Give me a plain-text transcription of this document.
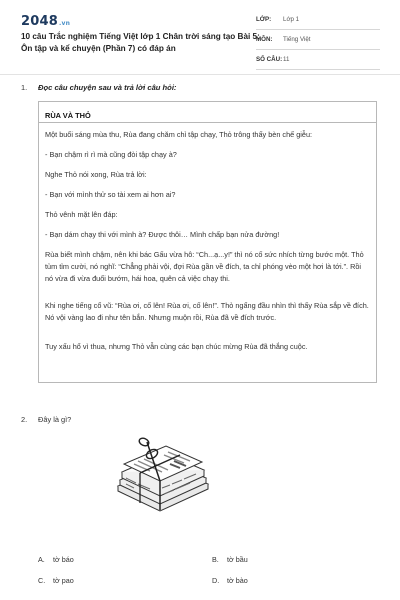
2048.vn
10 câu Trắc nghiệm Tiếng Việt lớp 1 Chân trời sáng tạo Bài 5: Ôn tập và kể chuyện (Phần 7) có đáp án
LỚP: Lớp 1
MÔN: Tiếng Việt
SỐ CÂU: 11
1. Đọc câu chuyện sau và trả lời câu hỏi:
RÙA VÀ THỎ
Một buổi sáng mùa thu, Rùa đang chăm chỉ tập chạy, Thỏ trông thấy bèn chế giễu:
- Bạn chậm rì rì mà cũng đòi tập chạy à?
Nghe Thỏ nói xong, Rùa trả lời:
- Bạn với mình thử so tài xem ai hơn ai?
Thỏ vênh mặt lên đáp:
- Bạn dám chạy thi với mình à? Được thôi… Mình chấp bạn nửa đường!
Rùa biết mình chậm, nên khi bác Gấu vừa hô: “Ch...ạ...y!” thì nó cố sức nhích từng bước một. Thỏ tủm tỉm cười, nó nghĩ: “Chẳng phải vội, đợi Rùa gần về đích, ta chỉ phóng vèo một hơi là tới.”. Rồi nó vừa đi vừa đuổi bướm, hái hoa, quên cả việc chạy thi.
Khi nghe tiếng cổ vũ: “Rùa ơi, cố lên! Rùa ơi, cố lên!”. Thỏ ngẩng đầu nhìn thì thấy Rùa sắp về đích. Nó vội vàng lao đi như tên bắn. Nhưng muộn rồi, Rùa đã về đích trước.
Tuy xấu hổ vì thua, nhưng Thỏ vẫn cùng các bạn chúc mừng Rùa đã thắng cuộc.
2. Đây là gì?
A. tờ báo	B. tờ bầu
C. tờ pao	D. tờ bào
